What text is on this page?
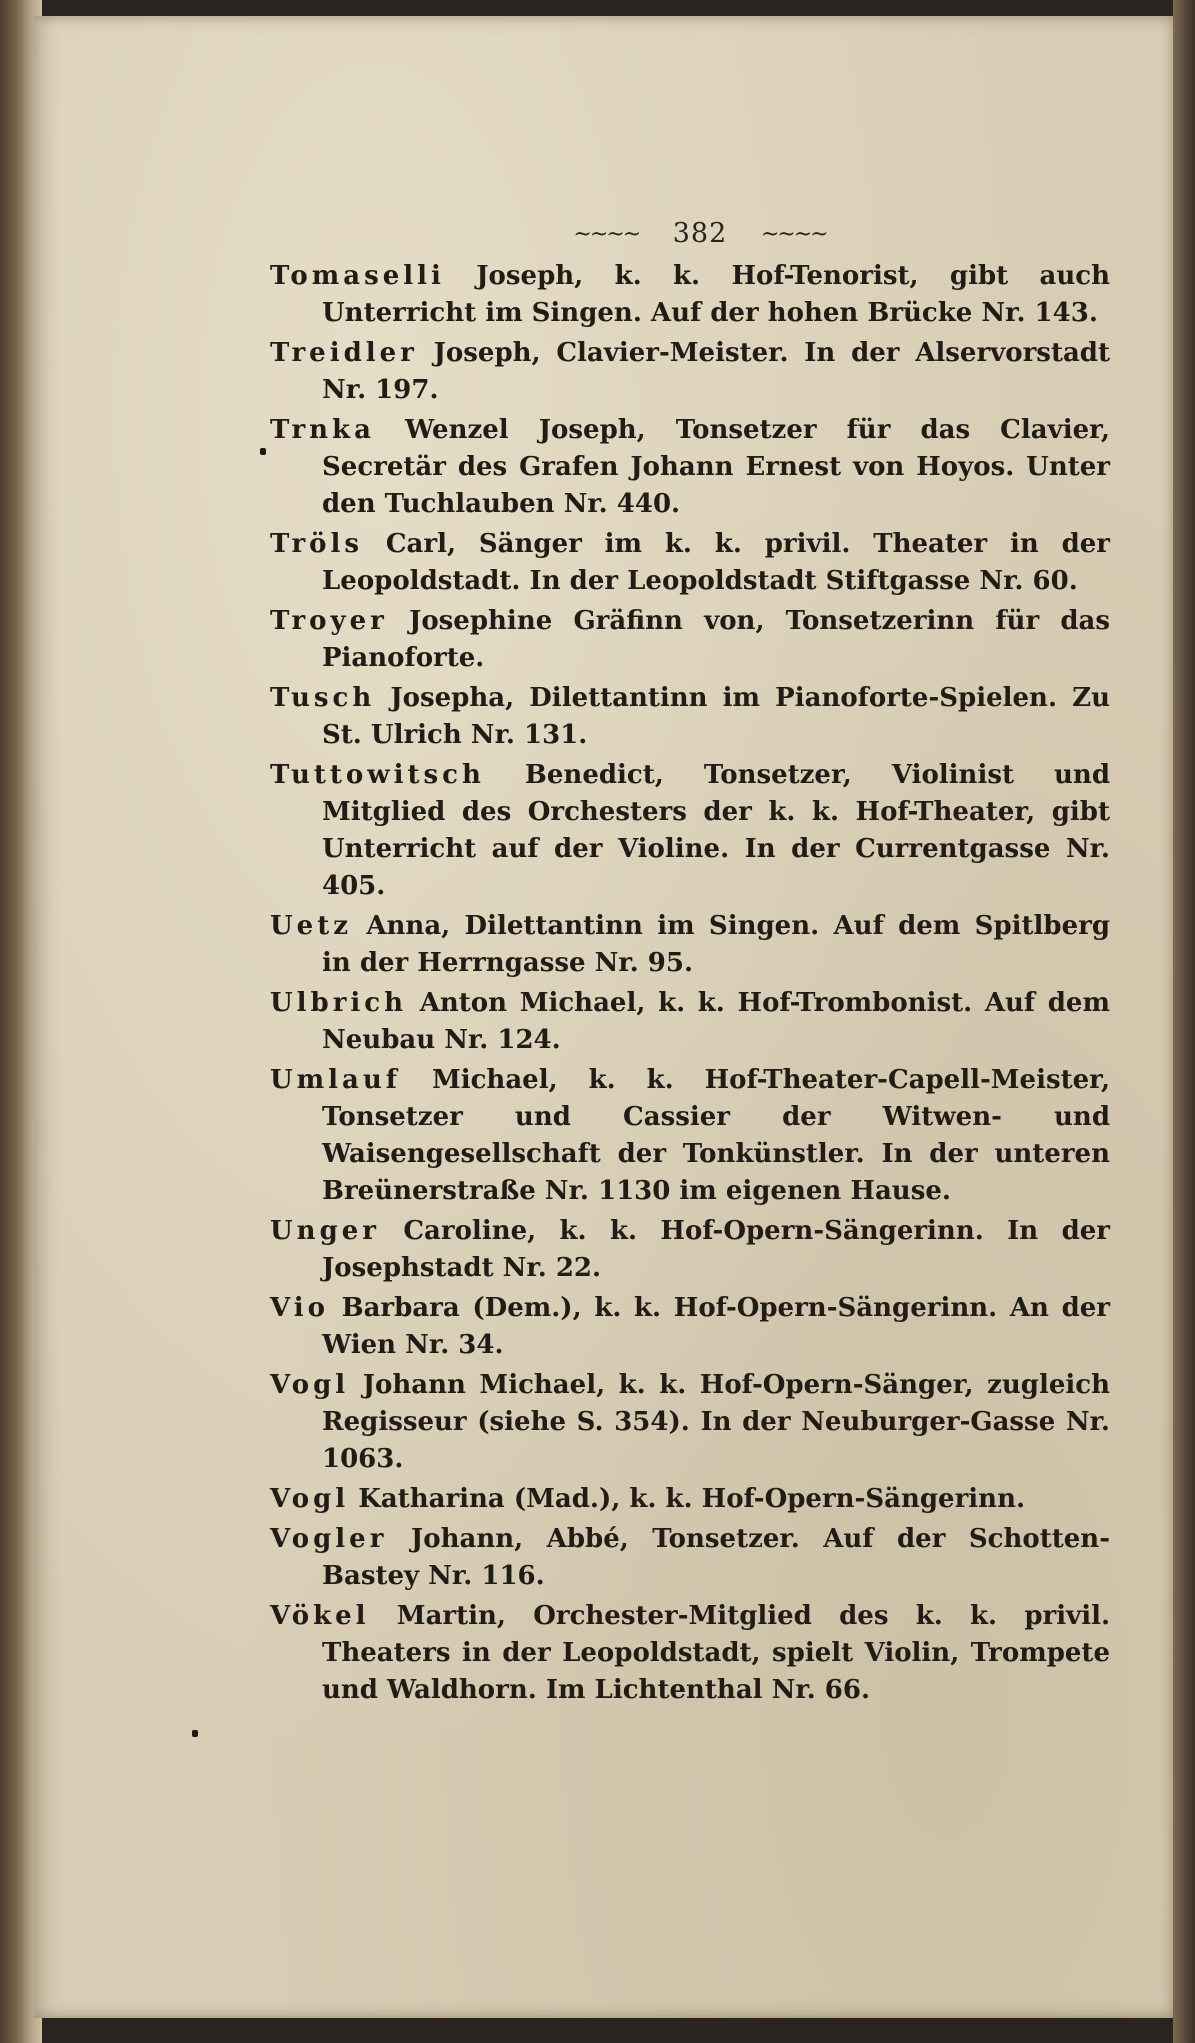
~~~~ 382 ~~~~
Tomaselli Joseph, k. k. Hof-Tenorist, gibt auch Unterricht im Singen. Auf der hohen Brücke Nr. 143.
Treidler Joseph, Clavier-Meister. In der Alservorstadt Nr. 197.
Trnka Wenzel Joseph, Tonsetzer für das Clavier, Secretär des Grafen Johann Ernest von Hoyos. Unter den Tuchlauben Nr. 440.
Tröls Carl, Sänger im k. k. privil. Theater in der Leopoldstadt. In der Leopoldstadt Stiftgasse Nr. 60.
Troyer Josephine Gräfinn von, Tonsetzerinn für das Pianoforte.
Tusch Josepha, Dilettantinn im Pianoforte-Spielen. Zu St. Ulrich Nr. 131.
Tuttowitsch Benedict, Tonsetzer, Violinist und Mitglied des Orchesters der k. k. Hof-Theater, gibt Unterricht auf der Violine. In der Currentgasse Nr. 405.
Uetz Anna, Dilettantinn im Singen. Auf dem Spitlberg in der Herrngasse Nr. 95.
Ulbrich Anton Michael, k. k. Hof-Trombonist. Auf dem Neubau Nr. 124.
Umlauf Michael, k. k. Hof-Theater-Capell-Meister, Tonsetzer und Cassier der Witwen- und Waisengesellschaft der Tonkünstler. In der unteren Breünerstraße Nr. 1130 im eigenen Hause.
Unger Caroline, k. k. Hof-Opern-Sängerinn. In der Josephstadt Nr. 22.
Vio Barbara (Dem.), k. k. Hof-Opern-Sängerinn. An der Wien Nr. 34.
Vogl Johann Michael, k. k. Hof-Opern-Sänger, zugleich Regisseur (siehe S. 354). In der Neuburger-Gasse Nr. 1063.
Vogl Katharina (Mad.), k. k. Hof-Opern-Sängerinn.
Vogler Johann, Abbé, Tonsetzer. Auf der Schotten-Bastey Nr. 116.
Vökel Martin, Orchester-Mitglied des k. k. privil. Theaters in der Leopoldstadt, spielt Violin, Trompete und Waldhorn. Im Lichtenthal Nr. 66.
